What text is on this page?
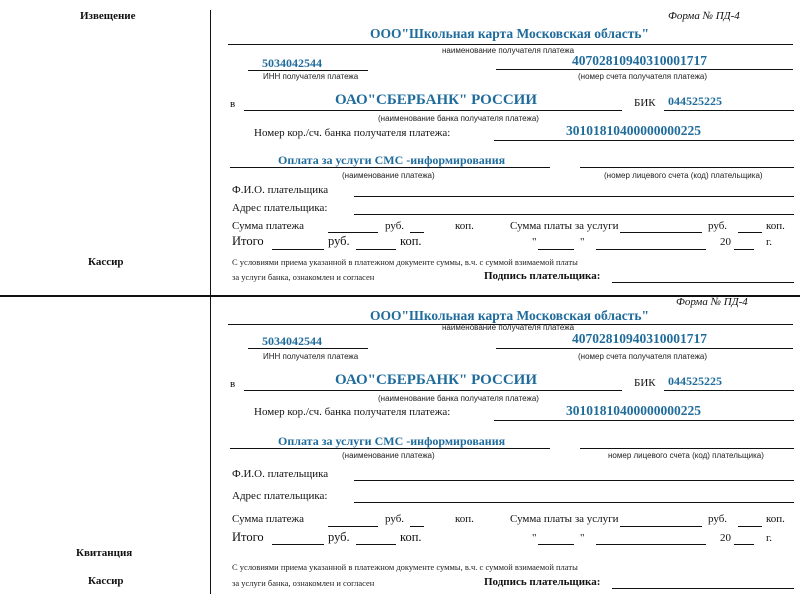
Извещение
Кассир
Квитанция
Кассир
Форма № ПД-4
ООО"Школьная карта Московская область"
наименование получателя платежа
5034042544
ИНН получателя платежа
40702810940310001717
(номер счета получателя платежа)
в	ОАО"СБЕРБАНК" РОССИИ
(наименование банка получателя платежа)
БИК 044525225
Номер кор./сч. банка получателя платежа:	30101810400000000225
Оплата за услуги СМС -информирования
(наименование платежа)	(номер лицевого счета (код) плательщика)
Ф.И.О. плательщика
Адрес плательщика:
Сумма платежа	руб.	коп.	Сумма платы за услуги	руб.	коп.
Итого	руб.	коп.	"	"	20	г.
С условиями приема указанной в платежном документе суммы, в.ч. с суммой взимаемой платы
за услуги банка, ознакомлен и согласен	Подпись плательщика:
Форма № ПД-4
ООО"Школьная карта Московская область"
наименование получателя платежа
5034042544
ИНН получателя платежа
40702810940310001717
(номер счета получателя платежа)
в	ОАО"СБЕРБАНК" РОССИИ
(наименование банка получателя платежа)
БИК 044525225
Номер кор./сч. банка получателя платежа:	30101810400000000225
Оплата за услуги СМС -информирования
(наименование платежа)	номер лицевого счета (код) плательщика)
Ф.И.О. плательщика
Адрес плательщика:
Сумма платежа	руб.	коп.	Сумма платы за услуги	руб.	коп.
Итого	руб.	коп.	"	"	20	г.
С условиями приема указанной в платежном документе суммы, в.ч. с суммой взимаемой платы
за услуги банка, ознакомлен и согласен	Подпись плательщика:
